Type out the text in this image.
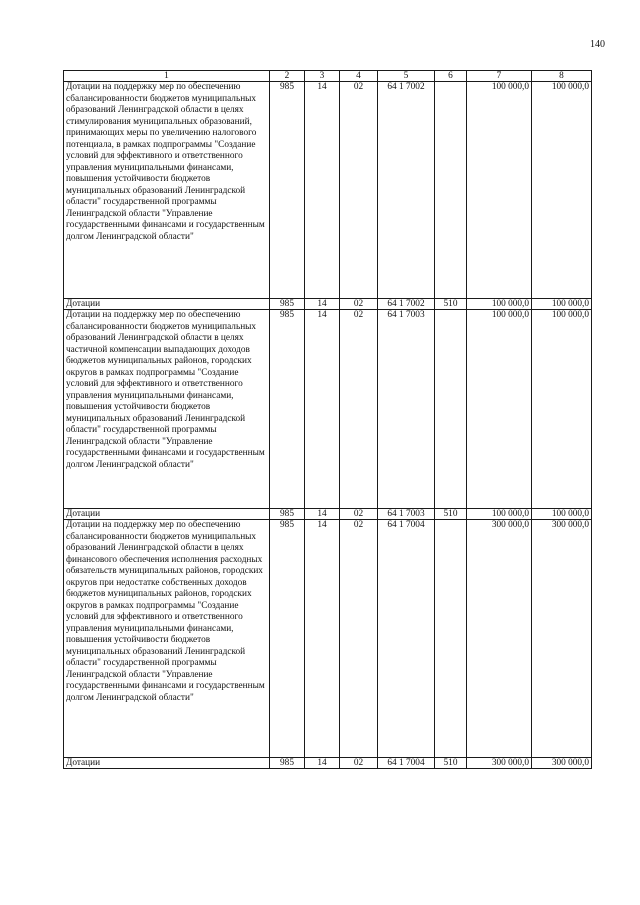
140
1	2	3	4	5	6	7	8
Дотации на поддержку мер по обеспечению сбалансированности бюджетов муниципальных образований Ленинградской области в целях стимулирования муниципальных образований, принимающих меры по увеличению налогового потенциала, в рамках подпрограммы "Создание условий для эффективного и ответственного управления муниципальными финансами, повышения устойчивости бюджетов муниципальных образований Ленинградской области" государственной программы Ленинградской области "Управление государственными финансами и государственным долгом Ленинградской области"	985	14	02	64 1 7002		100 000,0	100 000,0
Дотации	985	14	02	64 1 7002	510	100 000,0	100 000,0
Дотации на поддержку мер по обеспечению сбалансированности бюджетов муниципальных образований Ленинградской области в целях частичной компенсации выпадающих доходов бюджетов муниципальных районов, городских округов в рамках подпрограммы "Создание условий для эффективного и ответственного управления муниципальными финансами, повышения устойчивости бюджетов муниципальных образований Ленинградской области" государственной программы Ленинградской области "Управление государственными финансами и государственным долгом Ленинградской области"	985	14	02	64 1 7003		100 000,0	100 000,0
Дотации	985	14	02	64 1 7003	510	100 000,0	100 000,0
Дотации на поддержку мер по обеспечению сбалансированности бюджетов муниципальных образований Ленинградской области в целях финансового обеспечения исполнения расходных обязательств муниципальных районов, городских округов при недостатке собственных доходов бюджетов муниципальных районов, городских округов в рамках подпрограммы "Создание условий для эффективного и ответственного управления муниципальными финансами, повышения устойчивости бюджетов муниципальных образований Ленинградской области" государственной программы Ленинградской области "Управление государственными финансами и государственным долгом Ленинградской области"	985	14	02	64 1 7004		300 000,0	300 000,0
Дотации	985	14	02	64 1 7004	510	300 000,0	300 000,0
